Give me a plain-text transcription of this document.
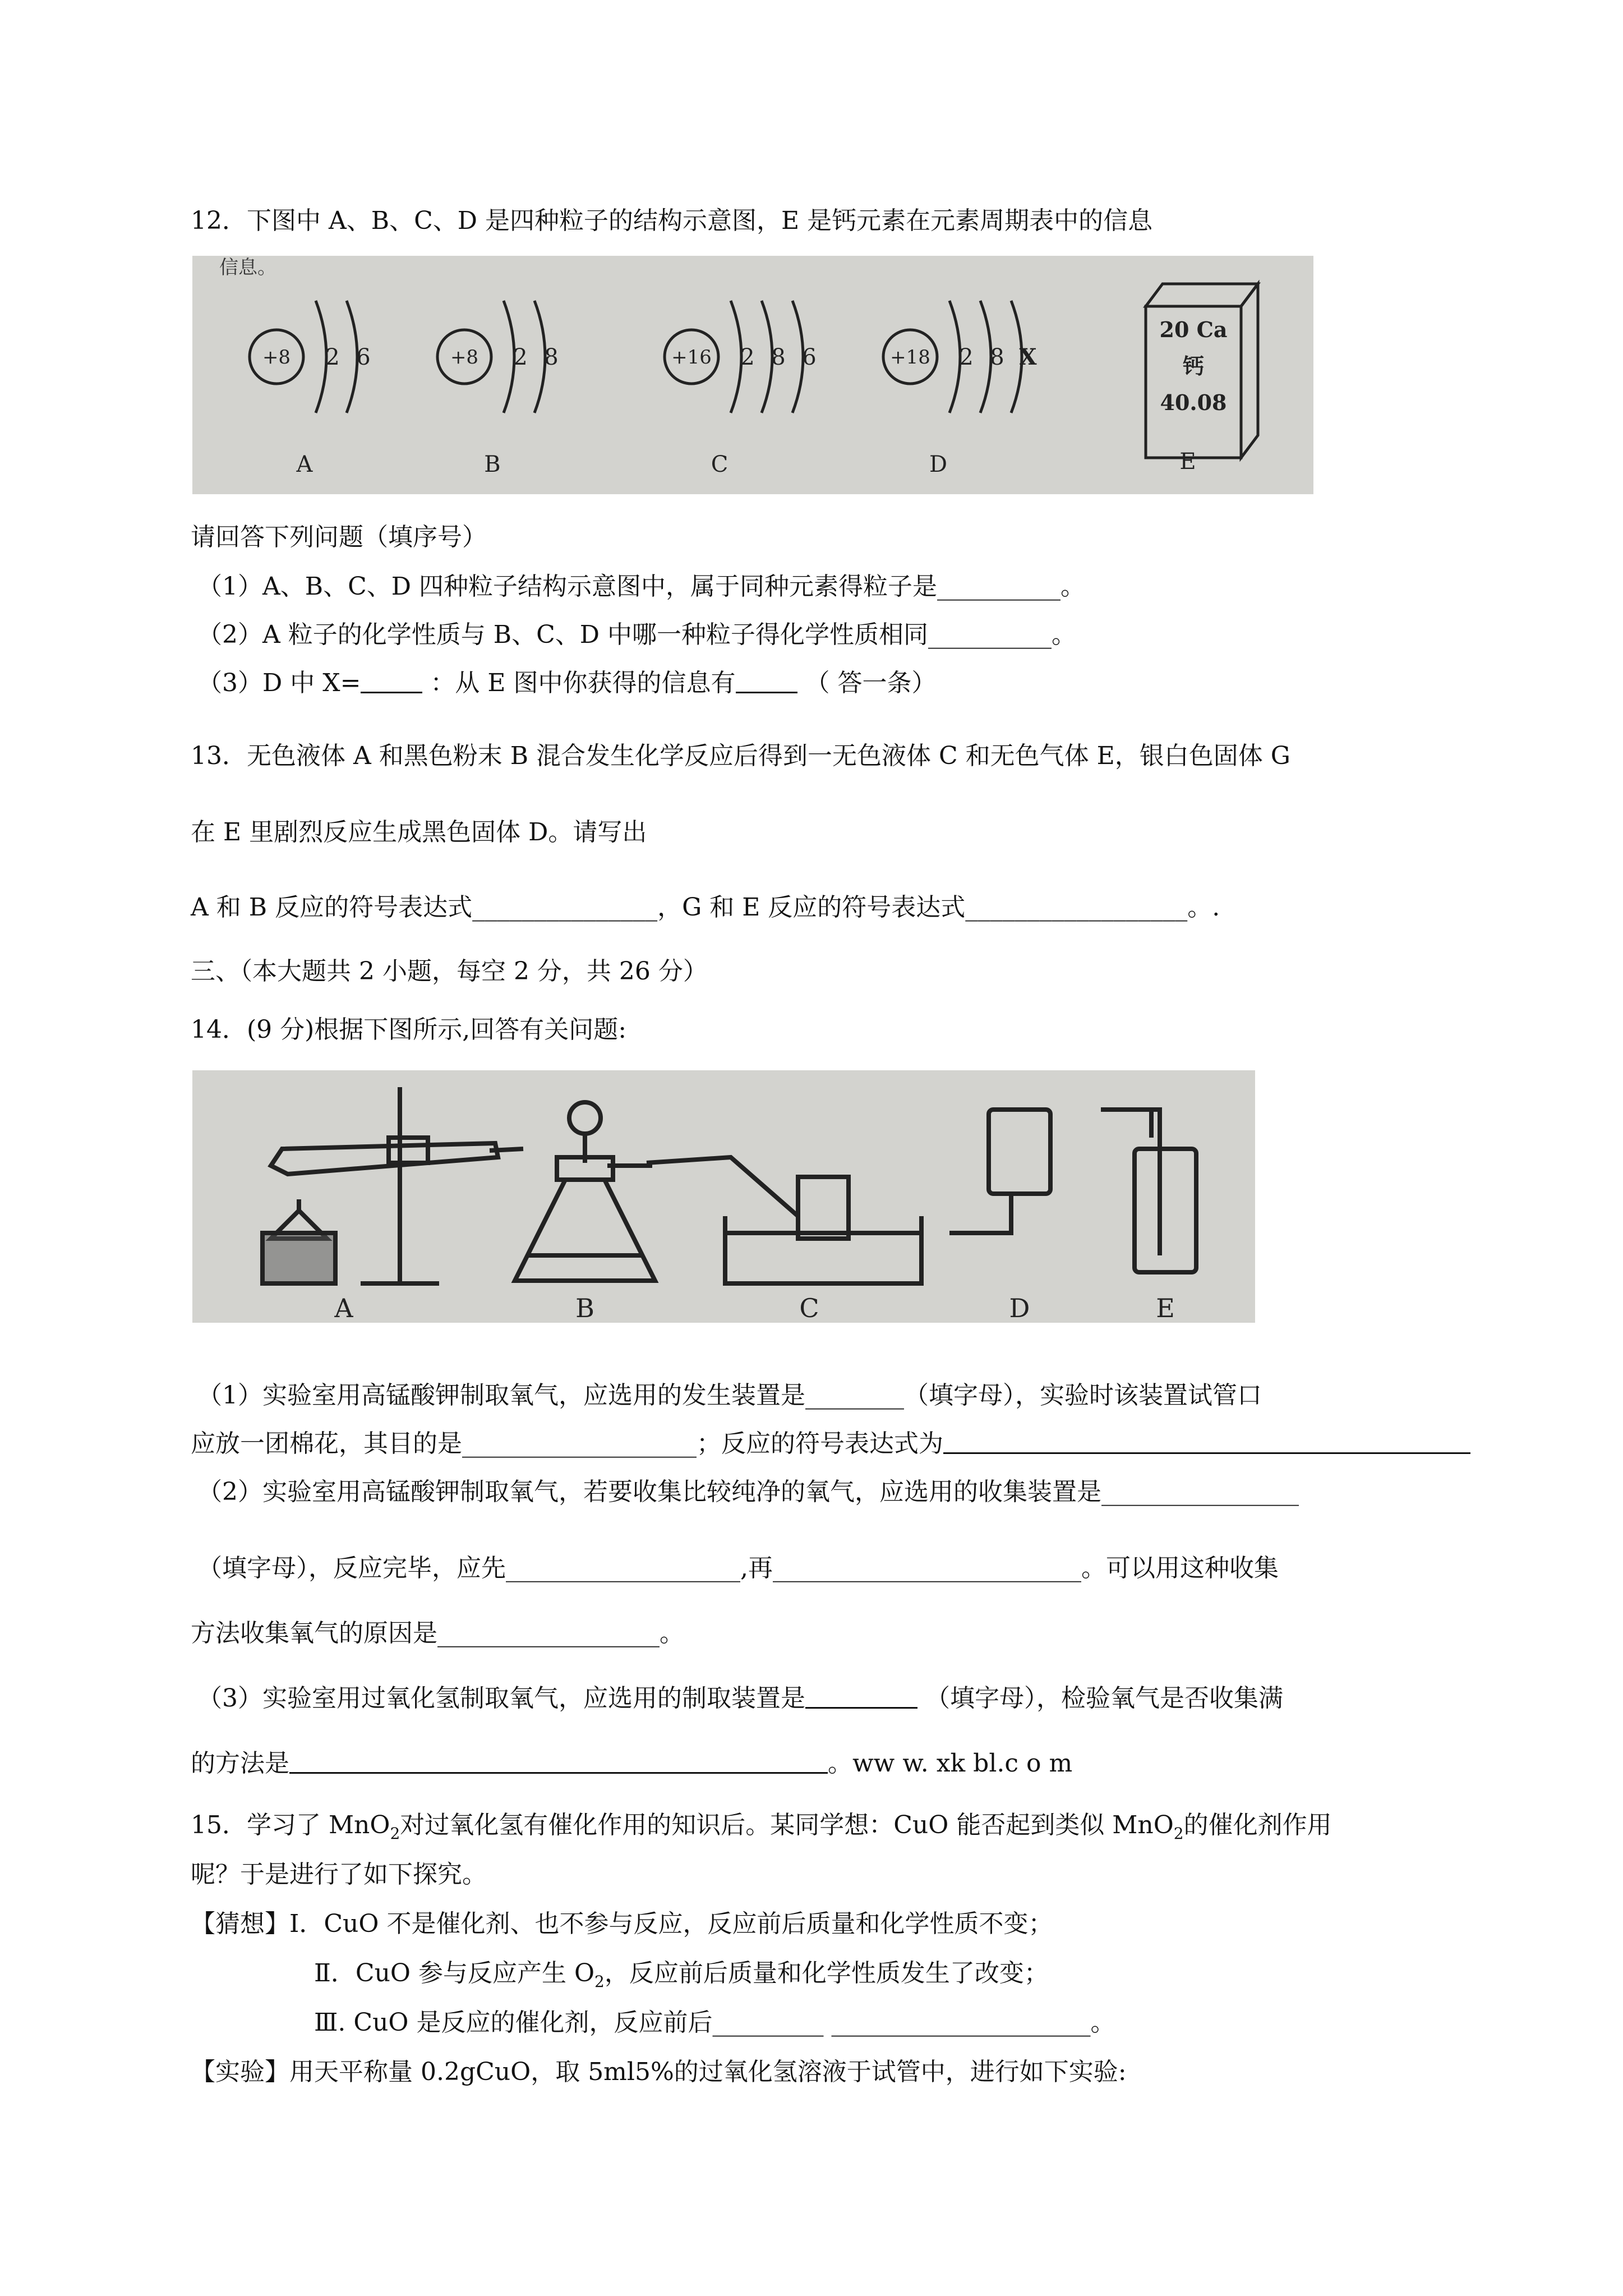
12．下图中 A、B、C、D 是四种粒子的结构示意图，E 是钙元素在元素周期表中的信息
信息。
+8 2 6
A
+8 2 8
B
+16 2 8 6
C
+18 2 8 X
D
20 Ca
钙
40.08
E
请回答下列问题（填序号）
（1）A、B、C、D 四种粒子结构示意图中，属于同种元素得粒子是__________。
（2）A 粒子的化学性质与 B、C、D 中哪一种粒子得化学性质相同__________。
（3）D 中 X=	：从 E 图中你获得的信息有	（ 答一条）
13．无色液体 A 和黑色粉末 B 混合发生化学反应后得到一无色液体 C 和无色气体 E，银白色固体 G
在 E 里剧烈反应生成黑色固体 D。请写出
A 和 B 反应的符号表达式_______________，G 和 E 反应的符号表达式__________________。.
三、（本大题共 2 小题，每空 2 分，共 26 分）
14．(9 分)根据下图所示,回答有关问题:
A	B	C	D	E
（1）实验室用高锰酸钾制取氧气，应选用的发生装置是________（填字母），实验时该装置试管口
应放一团棉花，其目的是___________________；反应的符号表达式为
（2）实验室用高锰酸钾制取氧气，若要收集比较纯净的氧气，应选用的收集装置是________________
（填字母），反应完毕，应先___________________,再_________________________。可以用这种收集
方法收集氧气的原因是__________________。
（3）实验室用过氧化氢制取氧气，应选用的制取装置是	（填字母），检验氧气是否收集满
的方法是	。ww w. xk bl.c o m
15．学习了 MnO$_2$对过氧化氢有催化作用的知识后。某同学想：CuO 能否起到类似 MnO$_2$的催化剂作用
呢？于是进行了如下探究。
【猜想】Ⅰ．CuO 不是催化剂、也不参与反应，反应前后质量和化学性质不变；
Ⅱ．CuO 参与反应产生 $O_2$，反应前后质量和化学性质发生了改变；
Ⅲ. CuO 是反应的催化剂，反应前后_________ _____________________。
【实验】用天平称量 0.2gCuO，取 5ml5%的过氧化氢溶液于试管中，进行如下实验:
